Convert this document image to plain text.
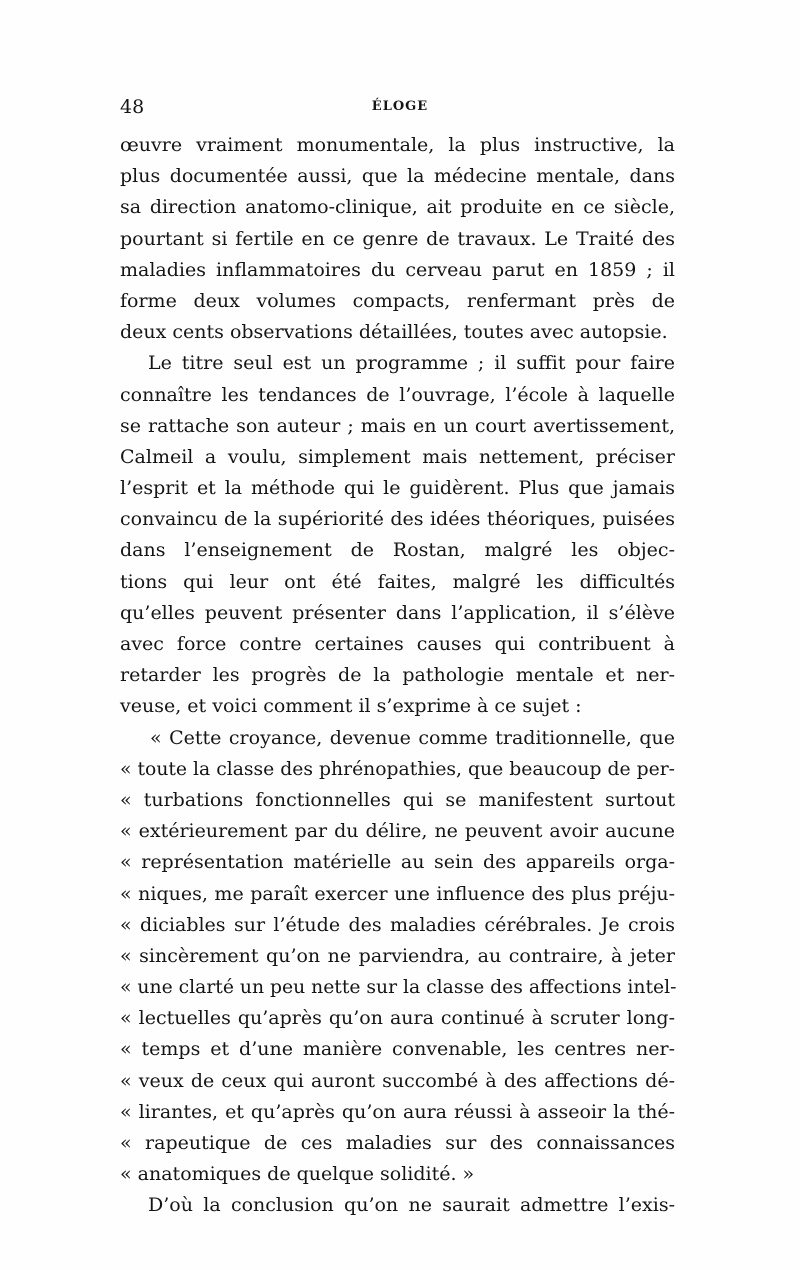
48	ÉLOGE
œuvre vraiment monumentale, la plus instructive, la
plus documentée aussi, que la médecine mentale, dans
sa direction anatomo-clinique, ait produite en ce siècle,
pourtant si fertile en ce genre de travaux. Le Traité des
maladies inflammatoires du cerveau parut en 1859 ; il
forme deux volumes compacts, renfermant près de
deux cents observations détaillées, toutes avec autopsie.
Le titre seul est un programme ; il suffit pour faire
connaître les tendances de l’ouvrage, l’école à laquelle
se rattache son auteur ; mais en un court avertissement,
Calmeil a voulu, simplement mais nettement, préciser
l’esprit et la méthode qui le guidèrent. Plus que jamais
convaincu de la supériorité des idées théoriques, puisées
dans l’enseignement de Rostan, malgré les objec-
tions qui leur ont été faites, malgré les difficultés
qu’elles peuvent présenter dans l’application, il s’élève
avec force contre certaines causes qui contribuent à
retarder les progrès de la pathologie mentale et ner-
veuse, et voici comment il s’exprime à ce sujet :
« Cette croyance, devenue comme traditionnelle, que
« toute la classe des phrénopathies, que beaucoup de per-
« turbations fonctionnelles qui se manifestent surtout
« extérieurement par du délire, ne peuvent avoir aucune
« représentation matérielle au sein des appareils orga-
« niques, me paraît exercer une influence des plus préju-
« diciables sur l’étude des maladies cérébrales. Je crois
« sincèrement qu’on ne parviendra, au contraire, à jeter
« une clarté un peu nette sur la classe des affections intel-
« lectuelles qu’après qu’on aura continué à scruter long-
« temps et d’une manière convenable, les centres ner-
« veux de ceux qui auront succombé à des affections dé-
« lirantes, et qu’après qu’on aura réussi à asseoir la thé-
« rapeutique de ces maladies sur des connaissances
« anatomiques de quelque solidité. »
D’où la conclusion qu’on ne saurait admettre l’exis-
